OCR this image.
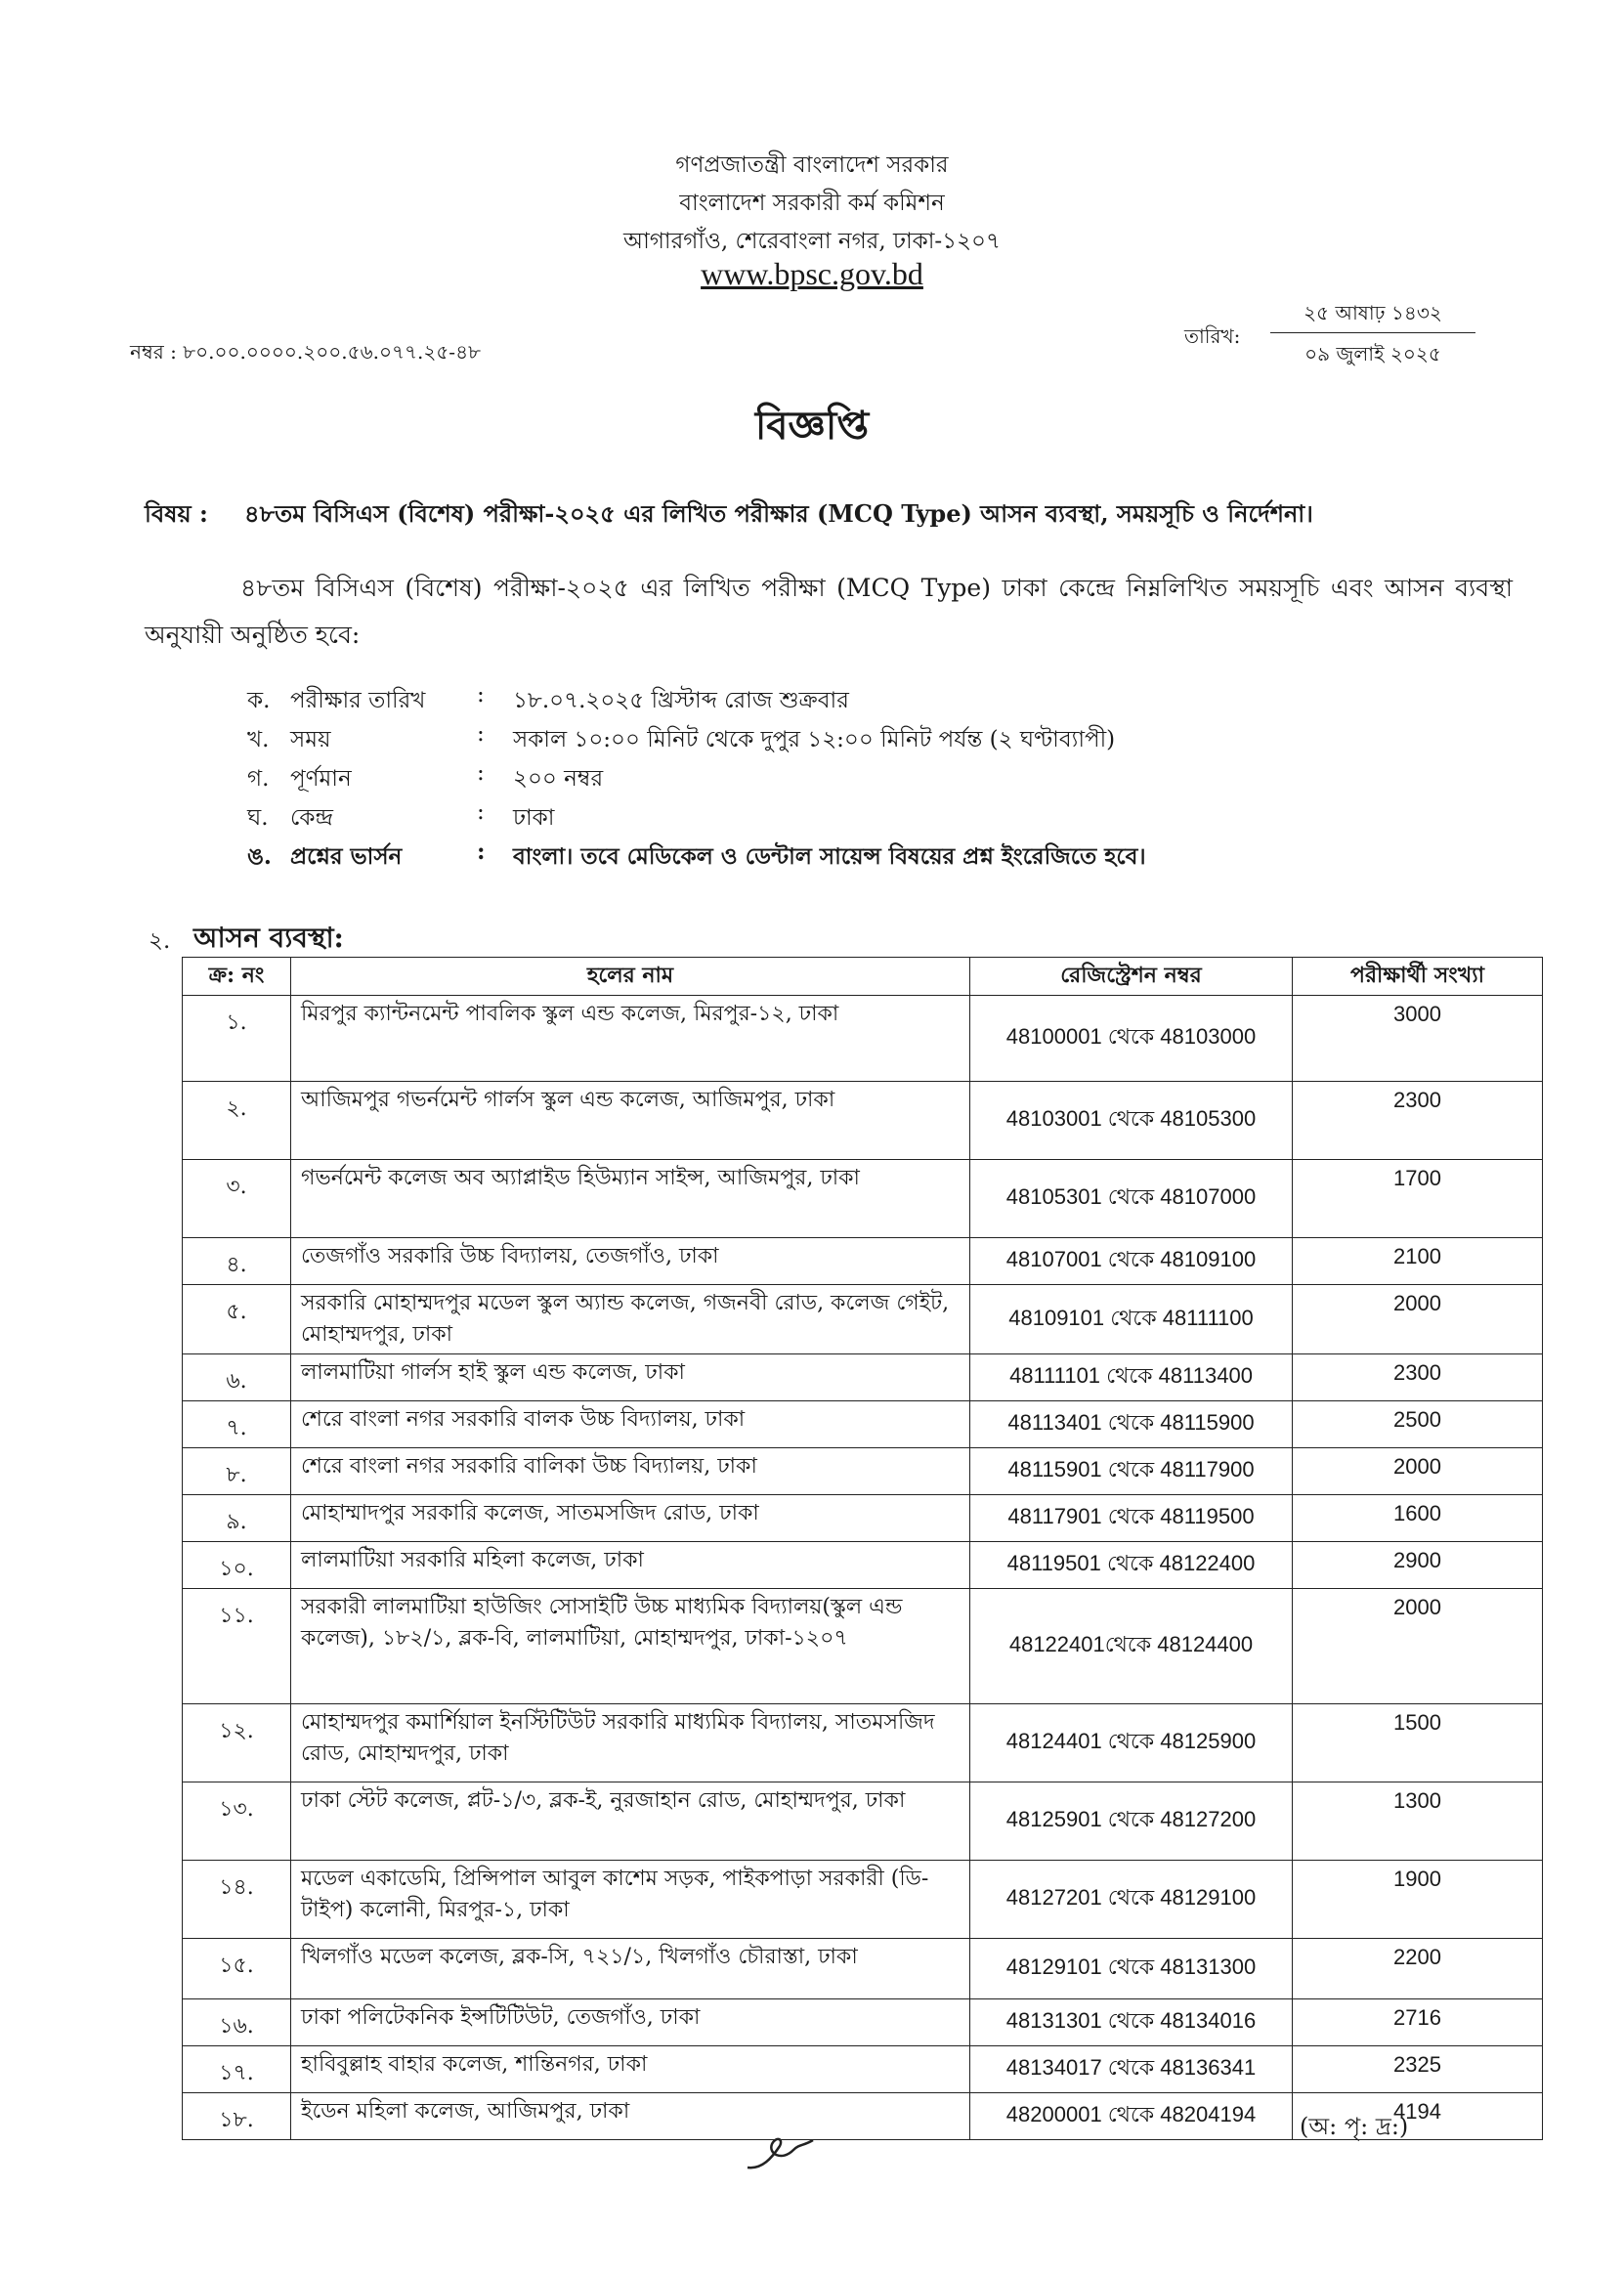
গণপ্রজাতন্ত্রী বাংলাদেশ সরকার
বাংলাদেশ সরকারী কর্ম কমিশন
আগারগাঁও, শেরেবাংলা নগর, ঢাকা-১২০৭
www.bpsc.gov.bd
নম্বর : ৮০.০০.০০০০.২০০.৫৬.০৭৭.২৫-৪৮
তারিখ:
২৫ আষাঢ় ১৪৩২
০৯ জুলাই ২০২৫
বিজ্ঞপ্তি
বিষয় : ৪৮তম বিসিএস (বিশেষ) পরীক্ষা-২০২৫ এর লিখিত পরীক্ষার (MCQ Type) আসন ব্যবস্থা, সময়সূচি ও নির্দেশনা।
৪৮তম বিসিএস (বিশেষ) পরীক্ষা-২০২৫ এর লিখিত পরীক্ষা (MCQ Type) ঢাকা কেন্দ্রে নিম্নলিখিত সময়সূচি এবং আসন ব্যবস্থা অনুযায়ী অনুষ্ঠিত হবে:
ক. পরীক্ষার তারিখ : ১৮.০৭.২০২৫ খ্রিস্টাব্দ রোজ শুক্রবার
খ. সময়	: সকাল ১০:০০ মিনিট থেকে দুপুর ১২:০০ মিনিট পর্যন্ত (২ ঘণ্টাব্যাপী)
গ. পূর্ণমান	: ২০০ নম্বর
ঘ. কেন্দ্র	: ঢাকা
ঙ. প্রশ্নের ভার্সন	: বাংলা। তবে মেডিকেল ও ডেন্টাল সায়েন্স বিষয়ের প্রশ্ন ইংরেজিতে হবে।
২. আসন ব্যবস্থা:
ক্র: নং	হলের নাম	রেজিস্ট্রেশন নম্বর	পরীক্ষার্থী সংখ্যা
১.	মিরপুর ক্যান্টনমেন্ট পাবলিক স্কুল এন্ড কলেজ, মিরপুর-১২, ঢাকা	48100001 থেকে 48103000	3000
২.	আজিমপুর গভর্নমেন্ট গার্লস স্কুল এন্ড কলেজ, আজিমপুর, ঢাকা	48103001 থেকে 48105300	2300
৩.	গভর্নমেন্ট কলেজ অব অ্যাপ্লাইড হিউম্যান সাইন্স, আজিমপুর, ঢাকা	48105301 থেকে 48107000	1700
৪.	তেজগাঁও সরকারি উচ্চ বিদ্যালয়, তেজগাঁও, ঢাকা	48107001 থেকে 48109100	2100
৫.	সরকারি মোহাম্মদপুর মডেল স্কুল অ্যান্ড কলেজ, গজনবী রোড, কলেজ গেইট, মোহাম্মদপুর, ঢাকা	48109101 থেকে 48111100	2000
৬.	লালমাটিয়া গার্লস হাই স্কুল এন্ড কলেজ, ঢাকা	48111101 থেকে 48113400	2300
৭.	শেরে বাংলা নগর সরকারি বালক উচ্চ বিদ্যালয়, ঢাকা	48113401 থেকে 48115900	2500
৮.	শেরে বাংলা নগর সরকারি বালিকা উচ্চ বিদ্যালয়, ঢাকা	48115901 থেকে 48117900	2000
৯.	মোহাম্মাদপুর সরকারি কলেজ, সাতমসজিদ রোড, ঢাকা	48117901 থেকে 48119500	1600
১০.	লালমাটিয়া সরকারি মহিলা কলেজ, ঢাকা	48119501 থেকে 48122400	2900
১১.	সরকারী লালমাটিয়া হাউজিং সোসাইটি উচ্চ মাধ্যমিক বিদ্যালয়(স্কুল এন্ড কলেজ), ১৮২/১, ব্লক-বি, লালমাটিয়া, মোহাম্মদপুর, ঢাকা-১২০৭	48122401থেকে 48124400	2000
১২.	মোহাম্মদপুর কমার্শিয়াল ইনস্টিটিউট সরকারি মাধ্যমিক বিদ্যালয়, সাতমসজিদ রোড, মোহাম্মদপুর, ঢাকা	48124401 থেকে 48125900	1500
১৩.	ঢাকা স্টেট কলেজ, প্লট-১/৩, ব্লক-ই, নুরজাহান রোড, মোহাম্মদপুর, ঢাকা	48125901 থেকে 48127200	1300
১৪.	মডেল একাডেমি, প্রিন্সিপাল আবুল কাশেম সড়ক, পাইকপাড়া সরকারী (ডি-টাইপ) কলোনী, মিরপুর-১, ঢাকা	48127201 থেকে 48129100	1900
১৫.	খিলগাঁও মডেল কলেজ, ব্লক-সি, ৭২১/১, খিলগাঁও চৌরাস্তা, ঢাকা	48129101 থেকে 48131300	2200
১৬.	ঢাকা পলিটেকনিক ইন্সটিটিউট, তেজগাঁও, ঢাকা	48131301 থেকে 48134016	2716
১৭.	হাবিবুল্লাহ বাহার কলেজ, শান্তিনগর, ঢাকা	48134017 থেকে 48136341	2325
১৮.	ইডেন মহিলা কলেজ, আজিমপুর, ঢাকা	48200001 থেকে 48204194	4194
(অ: পৃ: দ্র:)
